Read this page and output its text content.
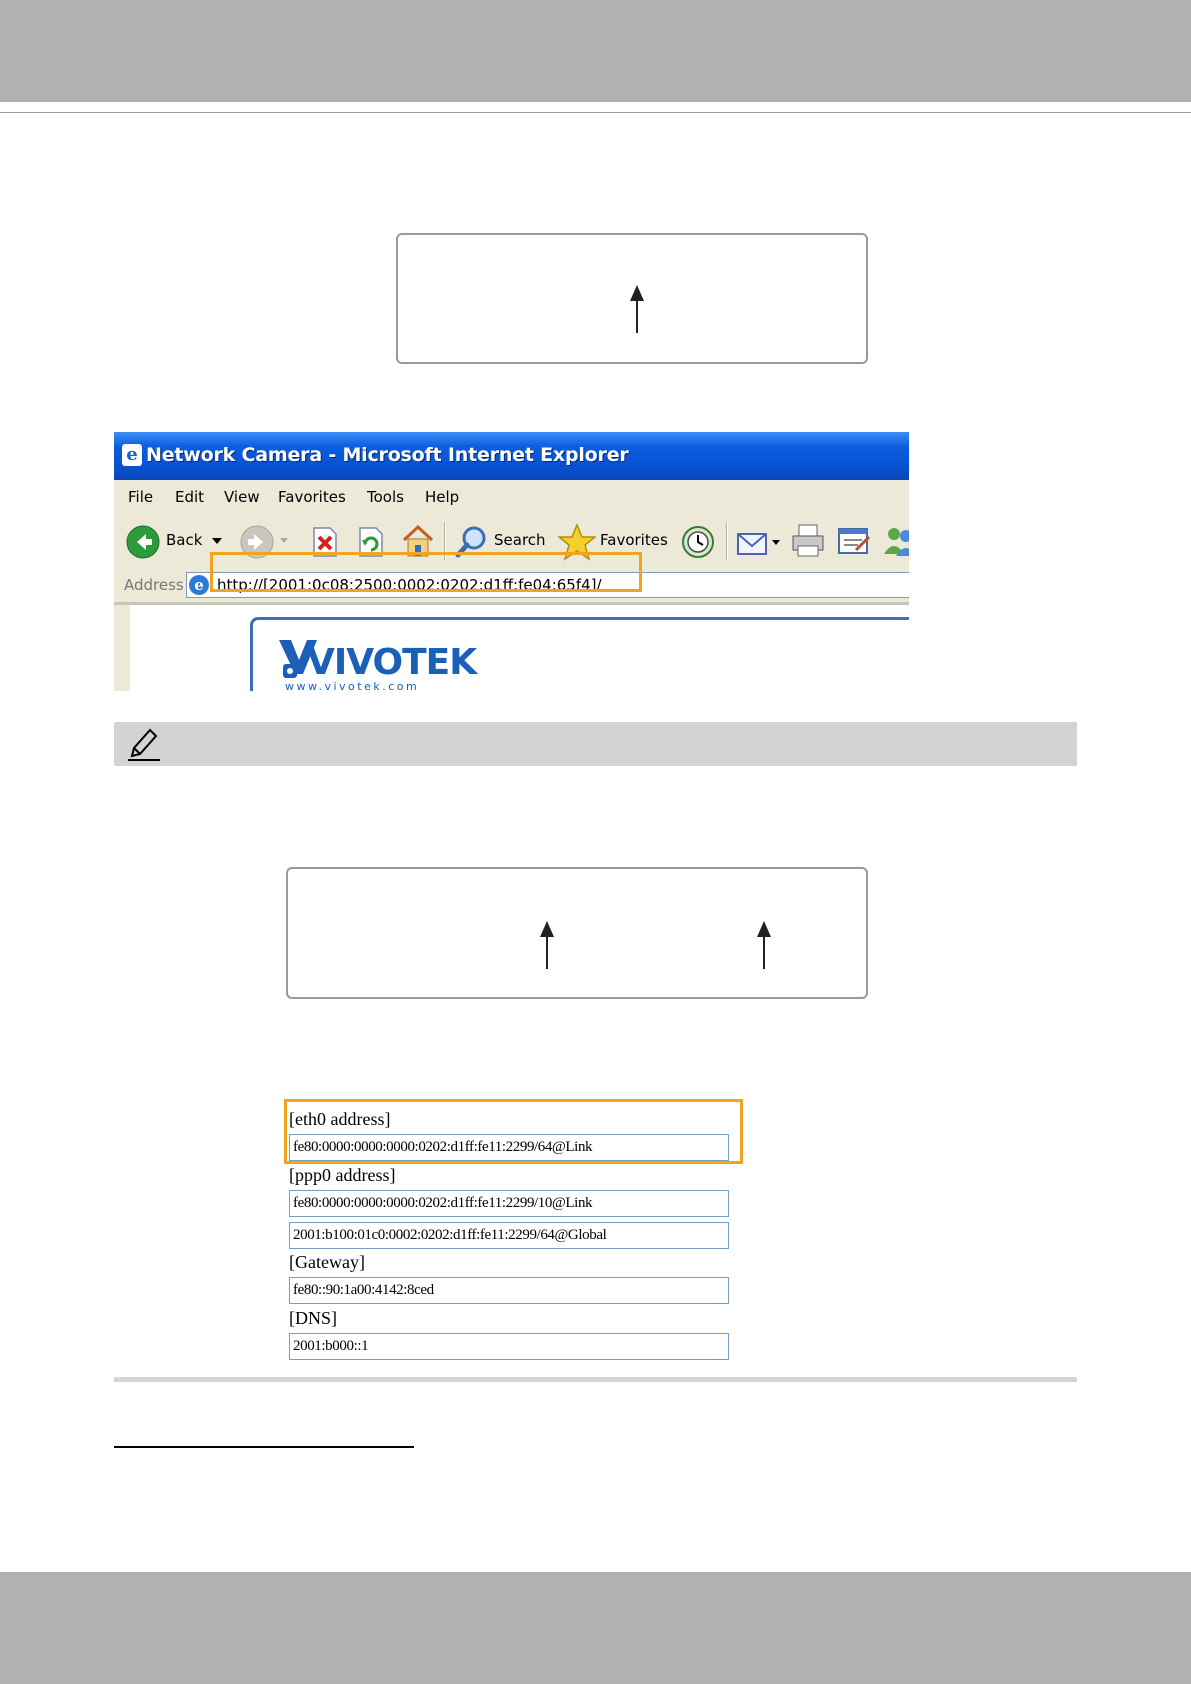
e Network Camera - Microsoft Internet Explorer
File Edit View Favorites Tools Help
Back	Search	Favorites
Address e http://[2001:0c08:2500:0002:0202:d1ff:fe04:65f4]/
VIVOTEK
www.vivotek.com
[eth0 address]
fe80:0000:0000:0000:0202:d1ff:fe11:2299/64@Link
[ppp0 address]
fe80:0000:0000:0000:0202:d1ff:fe11:2299/10@Link
2001:b100:01c0:0002:0202:d1ff:fe11:2299/64@Global
[Gateway]
fe80::90:1a00:4142:8ced
[DNS]
2001:b000::1
